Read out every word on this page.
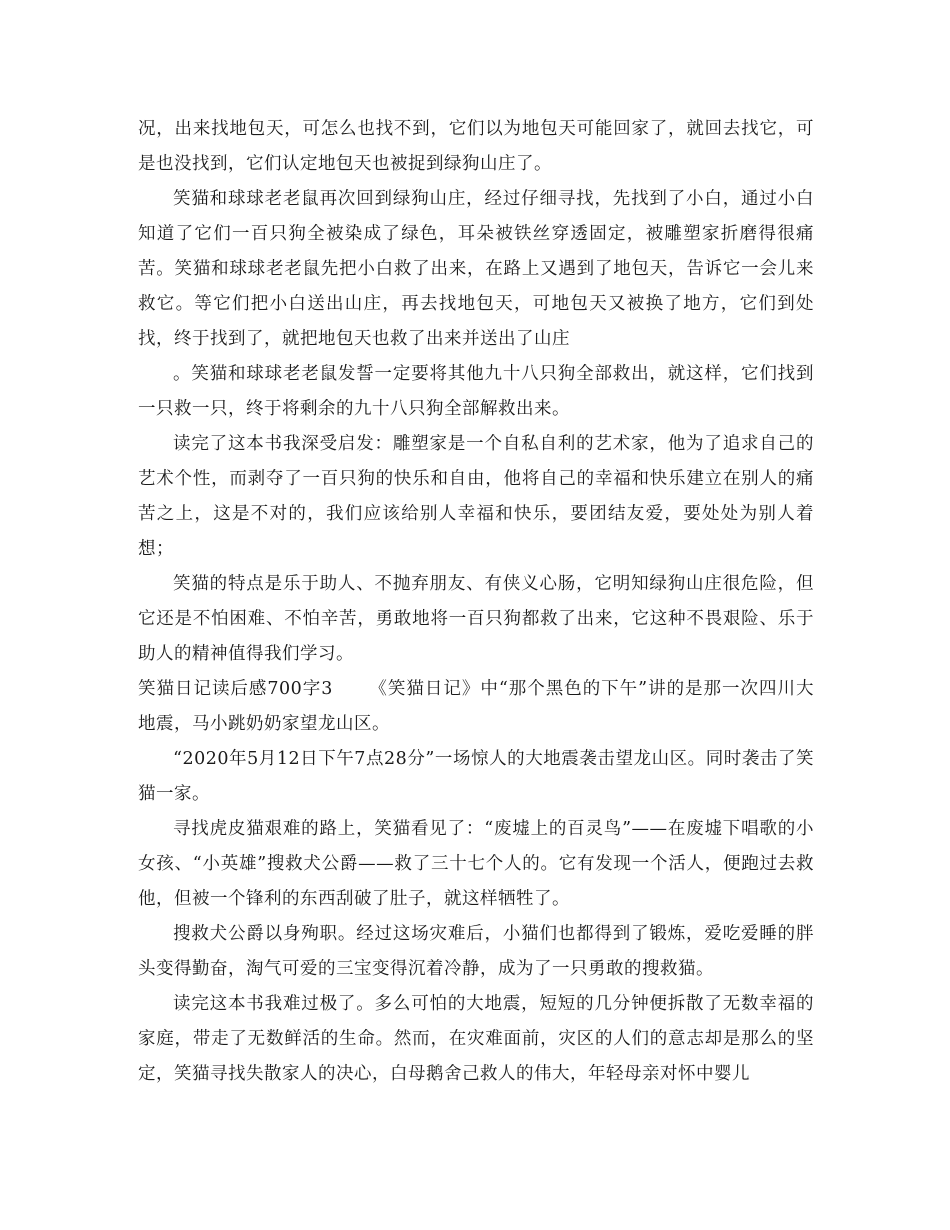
况，出来找地包天，可怎么也找不到，它们以为地包天可能回家了，就回去找它，可是也没找到，它们认定地包天也被捉到绿狗山庄了。

笑猫和球球老老鼠再次回到绿狗山庄，经过仔细寻找，先找到了小白，通过小白知道了它们一百只狗全被染成了绿色，耳朵被铁丝穿透固定，被雕塑家折磨得很痛苦。笑猫和球球老老鼠先把小白救了出来，在路上又遇到了地包天，告诉它一会儿来救它。等它们把小白送出山庄，再去找地包天，可地包天又被换了地方，它们到处找，终于找到了，就把地包天也救了出来并送出了山庄

。笑猫和球球老老鼠发誓一定要将其他九十八只狗全部救出，就这样，它们找到一只救一只，终于将剩余的九十八只狗全部解救出来。

读完了这本书我深受启发：雕塑家是一个自私自利的艺术家，他为了追求自己的艺术个性，而剥夺了一百只狗的快乐和自由，他将自己的幸福和快乐建立在别人的痛苦之上，这是不对的，我们应该给别人幸福和快乐，要团结友爱，要处处为别人着想；

笑猫的特点是乐于助人、不抛弃朋友、有侠义心肠，它明知绿狗山庄很危险，但它还是不怕困难、不怕辛苦，勇敢地将一百只狗都救了出来，它这种不畏艰险、乐于助人的精神值得我们学习。

笑猫日记读后感700字3 《笑猫日记》中“那个黑色的下午”讲的是那一次四川大地震，马小跳奶奶家望龙山区。

“2020年5月12日下午7点28分”一场惊人的大地震袭击望龙山区。同时袭击了笑猫一家。

寻找虎皮猫艰难的路上，笑猫看见了：“废墟上的百灵鸟”——在废墟下唱歌的小女孩、“小英雄”搜救犬公爵——救了三十七个人的。它有发现一个活人，便跑过去救他，但被一个锋利的东西刮破了肚子，就这样牺牲了。

搜救犬公爵以身殉职。经过这场灾难后，小猫们也都得到了锻炼，爱吃爱睡的胖头变得勤奋，淘气可爱的三宝变得沉着冷静，成为了一只勇敢的搜救猫。

读完这本书我难过极了。多么可怕的大地震，短短的几分钟便拆散了无数幸福的家庭，带走了无数鲜活的生命。然而，在灾难面前，灾区的人们的意志却是那么的坚定，笑猫寻找失散家人的决心，白母鹅舍己救人的伟大，年轻母亲对怀中婴儿
